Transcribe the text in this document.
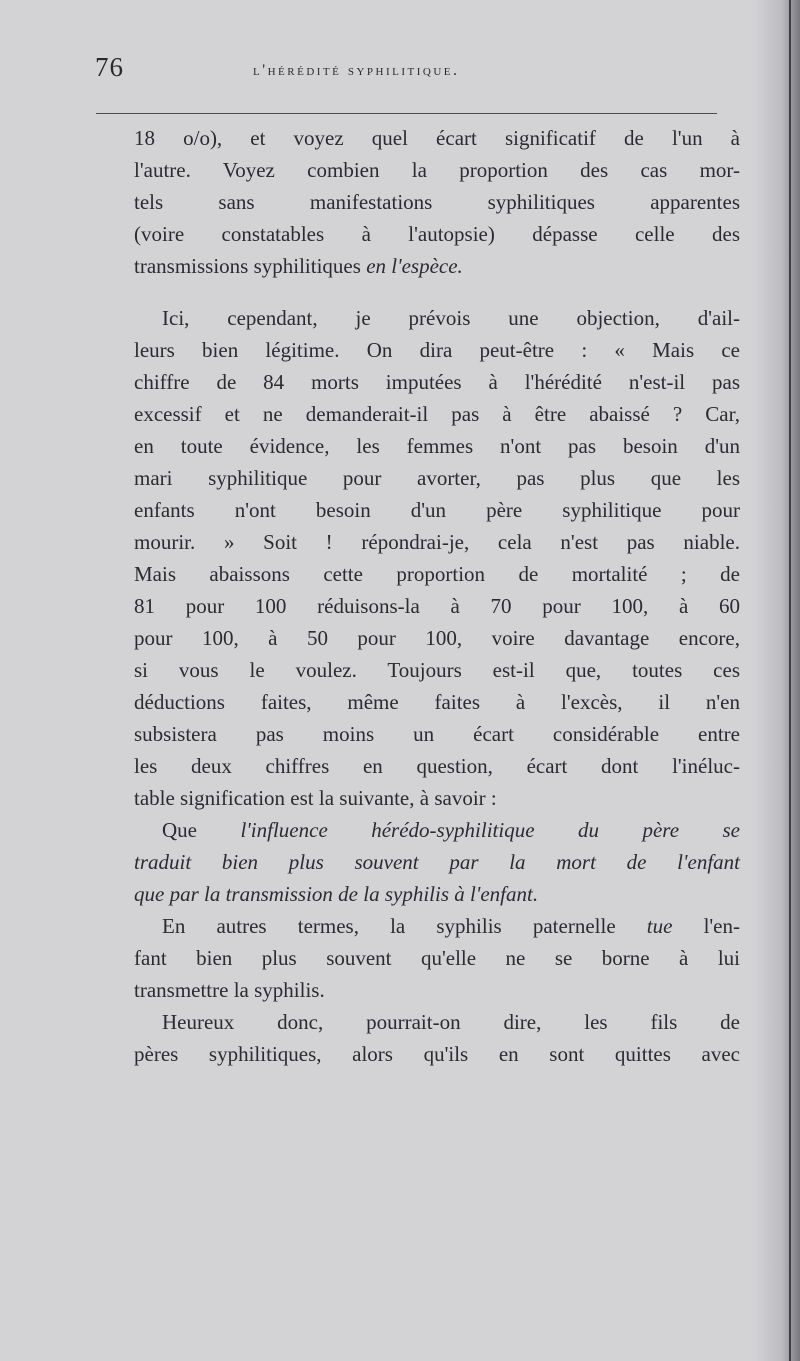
76	l'hérédité syphilitique.
18 o/o), et voyez quel écart significatif de l'un à
l'autre. Voyez combien la proportion des cas mor-
tels sans manifestations syphilitiques apparentes
(voire constatables à l'autopsie) dépasse celle des
transmissions syphilitiques en l'espèce.
Ici, cependant, je prévois une objection, d'ail-
leurs bien légitime. On dira peut-être : « Mais ce
chiffre de 84 morts imputées à l'hérédité n'est-il pas
excessif et ne demanderait-il pas à être abaissé ? Car,
en toute évidence, les femmes n'ont pas besoin d'un
mari syphilitique pour avorter, pas plus que les
enfants n'ont besoin d'un père syphilitique pour
mourir. » Soit ! répondrai-je, cela n'est pas niable.
Mais abaissons cette proportion de mortalité ; de
81 pour 100 réduisons-la à 70 pour 100, à 60
pour 100, à 50 pour 100, voire davantage encore,
si vous le voulez. Toujours est-il que, toutes ces
déductions faites, même faites à l'excès, il n'en
subsistera pas moins un écart considérable entre
les deux chiffres en question, écart dont l'inéluc-
table signification est la suivante, à savoir :
Que l'influence hérédo-syphilitique du père se
traduit bien plus souvent par la mort de l'enfant
que par la transmission de la syphilis à l'enfant.
En autres termes, la syphilis paternelle tue l'en-
fant bien plus souvent qu'elle ne se borne à lui
transmettre la syphilis.
Heureux donc, pourrait-on dire, les fils de
pères syphilitiques, alors qu'ils en sont quittes avec
